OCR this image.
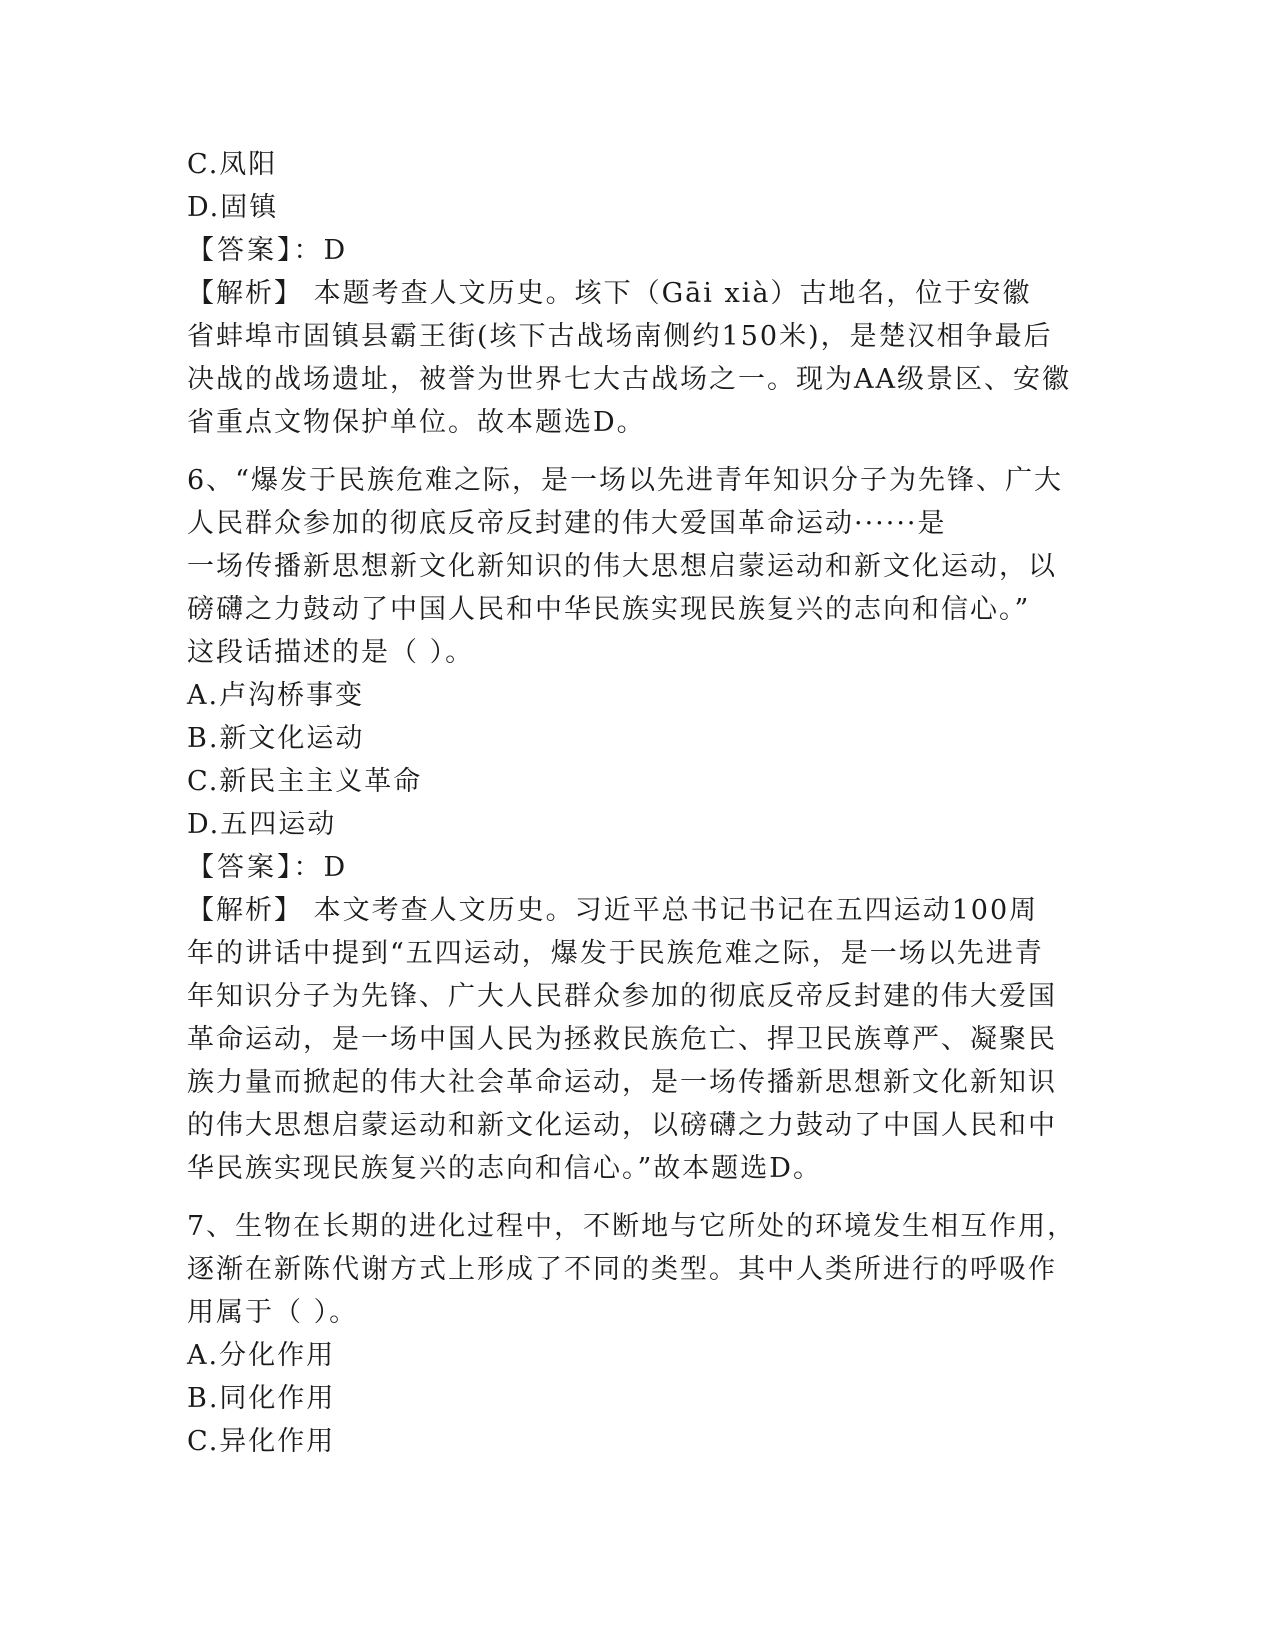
C.凤阳
D.固镇
【答案】：D
【解析】 本题考查人文历史。垓下（Gāi xià）古地名，位于安徽
省蚌埠市固镇县霸王街(垓下古战场南侧约150米)，是楚汉相争最后
决战的战场遗址，被誉为世界七大古战场之一。现为AA级景区、安徽
省重点文物保护单位。故本题选D。
6、“爆发于民族危难之际，是一场以先进青年知识分子为先锋、广大
人民群众参加的彻底反帝反封建的伟大爱国革命运动······是
一场传播新思想新文化新知识的伟大思想启蒙运动和新文化运动，以
磅礴之力鼓动了中国人民和中华民族实现民族复兴的志向和信心。”
这段话描述的是（ ）。
A.卢沟桥事变
B.新文化运动
C.新民主主义革命
D.五四运动
【答案】：D
【解析】 本文考查人文历史。习近平总书记书记在五四运动100周
年的讲话中提到“五四运动，爆发于民族危难之际，是一场以先进青
年知识分子为先锋、广大人民群众参加的彻底反帝反封建的伟大爱国
革命运动，是一场中国人民为拯救民族危亡、捍卫民族尊严、凝聚民
族力量而掀起的伟大社会革命运动，是一场传播新思想新文化新知识
的伟大思想启蒙运动和新文化运动，以磅礴之力鼓动了中国人民和中
华民族实现民族复兴的志向和信心。”故本题选D。
7、生物在长期的进化过程中，不断地与它所处的环境发生相互作用，
逐渐在新陈代谢方式上形成了不同的类型。其中人类所进行的呼吸作
用属于（ ）。
A.分化作用
B.同化作用
C.异化作用
